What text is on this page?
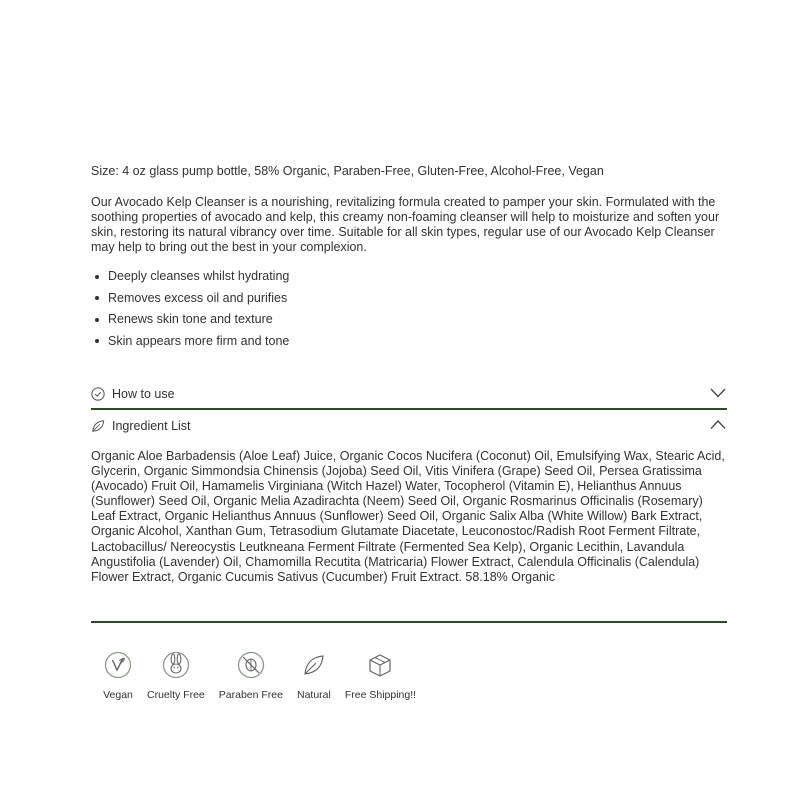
Size: 4 oz glass pump bottle, 58% Organic, Paraben-Free, Gluten-Free, Alcohol-Free, Vegan

Our Avocado Kelp Cleanser is a nourishing, revitalizing formula created to pamper your skin. Formulated with the soothing properties of avocado and kelp, this creamy non-foaming cleanser will help to moisturize and soften your skin, restoring its natural vibrancy over time. Suitable for all skin types, regular use of our Avocado Kelp Cleanser may help to bring out the best in your complexion.

Deeply cleanses whilst hydrating
Removes excess oil and purifies
Renews skin tone and texture
Skin appears more firm and tone
How to use
Ingredient List

Organic Aloe Barbadensis (Aloe Leaf) Juice, Organic Cocos Nucifera (Coconut) Oil, Emulsifying Wax, Stearic Acid, Glycerin, Organic Simmondsia Chinensis (Jojoba) Seed Oil, Vitis Vinifera (Grape) Seed Oil, Persea Gratissima (Avocado) Fruit Oil, Hamamelis Virginiana (Witch Hazel) Water, Tocopherol (Vitamin E), Helianthus Annuus (Sunflower) Seed Oil, Organic Melia Azadirachta (Neem) Seed Oil, Organic Rosmarinus Officinalis (Rosemary) Leaf Extract, Organic Helianthus Annuus (Sunflower) Seed Oil, Organic Salix Alba (White Willow) Bark Extract, Organic Alcohol, Xanthan Gum, Tetrasodium Glutamate Diacetate, Leuconostoc/Radish Root Ferment Filtrate, Lactobacillus/ Nereocystis Leutkneana Ferment Filtrate (Fermented Sea Kelp), Organic Lecithin, Lavandula Angustifolia (Lavender) Oil, Chamomilla Recutita (Matricaria) Flower Extract, Calendula Officinalis (Calendula) Flower Extract, Organic Cucumis Sativus (Cucumber) Fruit Extract. 58.18% Organic

Vegan Cruelty Free Paraben Free Natural Free Shipping!!
